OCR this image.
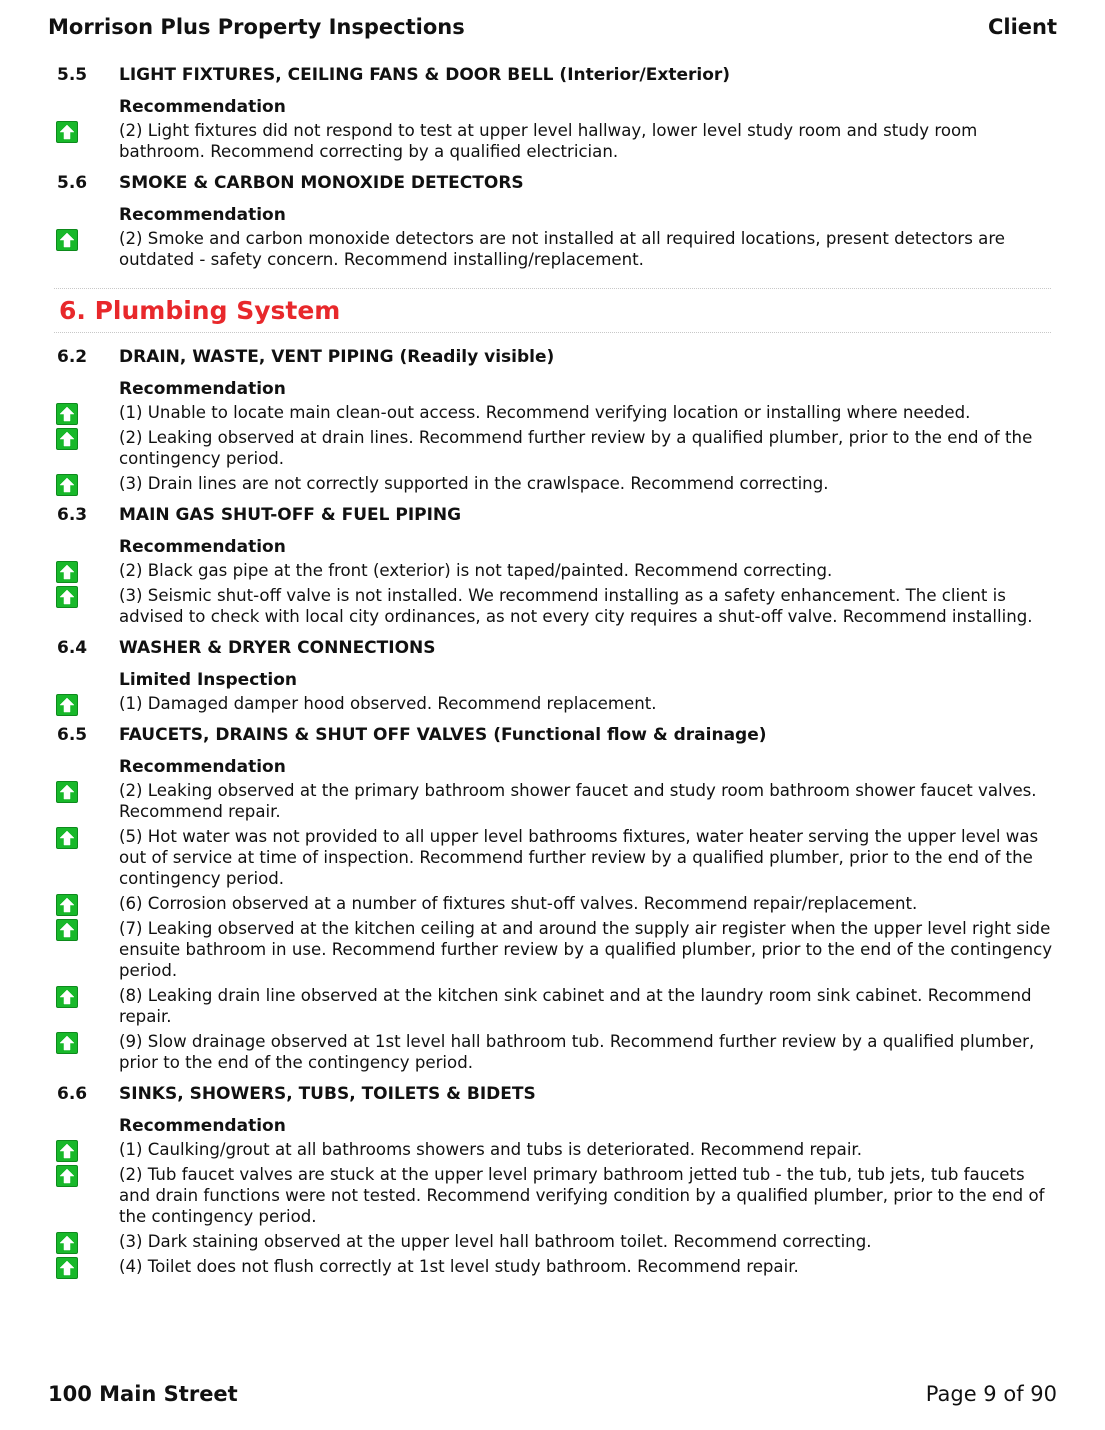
Morrison Plus Property Inspections	Client
5.5	LIGHT FIXTURES, CEILING FANS & DOOR BELL (Interior/Exterior)
Recommendation
(2) Light fixtures did not respond to test at upper level hallway, lower level study room and study room bathroom. Recommend correcting by a qualified electrician.
5.6	SMOKE & CARBON MONOXIDE DETECTORS
Recommendation
(2) Smoke and carbon monoxide detectors are not installed at all required locations, present detectors are outdated - safety concern. Recommend installing/replacement.
6. Plumbing System
6.2	DRAIN, WASTE, VENT PIPING (Readily visible)
Recommendation
(1) Unable to locate main clean-out access. Recommend verifying location or installing where needed.
(2) Leaking observed at drain lines. Recommend further review by a qualified plumber, prior to the end of the contingency period.
(3) Drain lines are not correctly supported in the crawlspace. Recommend correcting.
6.3	MAIN GAS SHUT-OFF & FUEL PIPING
Recommendation
(2) Black gas pipe at the front (exterior) is not taped/painted. Recommend correcting.
(3) Seismic shut-off valve is not installed. We recommend installing as a safety enhancement. The client is advised to check with local city ordinances, as not every city requires a shut-off valve. Recommend installing.
6.4	WASHER & DRYER CONNECTIONS
Limited Inspection
(1) Damaged damper hood observed. Recommend replacement.
6.5	FAUCETS, DRAINS & SHUT OFF VALVES (Functional flow & drainage)
Recommendation
(2) Leaking observed at the primary bathroom shower faucet and study room bathroom shower faucet valves. Recommend repair.
(5) Hot water was not provided to all upper level bathrooms fixtures, water heater serving the upper level was out of service at time of inspection. Recommend further review by a qualified plumber, prior to the end of the contingency period.
(6) Corrosion observed at a number of fixtures shut-off valves. Recommend repair/replacement.
(7) Leaking observed at the kitchen ceiling at and around the supply air register when the upper level right side ensuite bathroom in use. Recommend further review by a qualified plumber, prior to the end of the contingency period.
(8) Leaking drain line observed at the kitchen sink cabinet and at the laundry room sink cabinet. Recommend repair.
(9) Slow drainage observed at 1st level hall bathroom tub. Recommend further review by a qualified plumber, prior to the end of the contingency period.
6.6	SINKS, SHOWERS, TUBS, TOILETS & BIDETS
Recommendation
(1) Caulking/grout at all bathrooms showers and tubs is deteriorated. Recommend repair.
(2) Tub faucet valves are stuck at the upper level primary bathroom jetted tub - the tub, tub jets, tub faucets and drain functions were not tested. Recommend verifying condition by a qualified plumber, prior to the end of the contingency period.
(3) Dark staining observed at the upper level hall bathroom toilet. Recommend correcting.
(4) Toilet does not flush correctly at 1st level study bathroom. Recommend repair.
100 Main Street	Page 9 of 90
